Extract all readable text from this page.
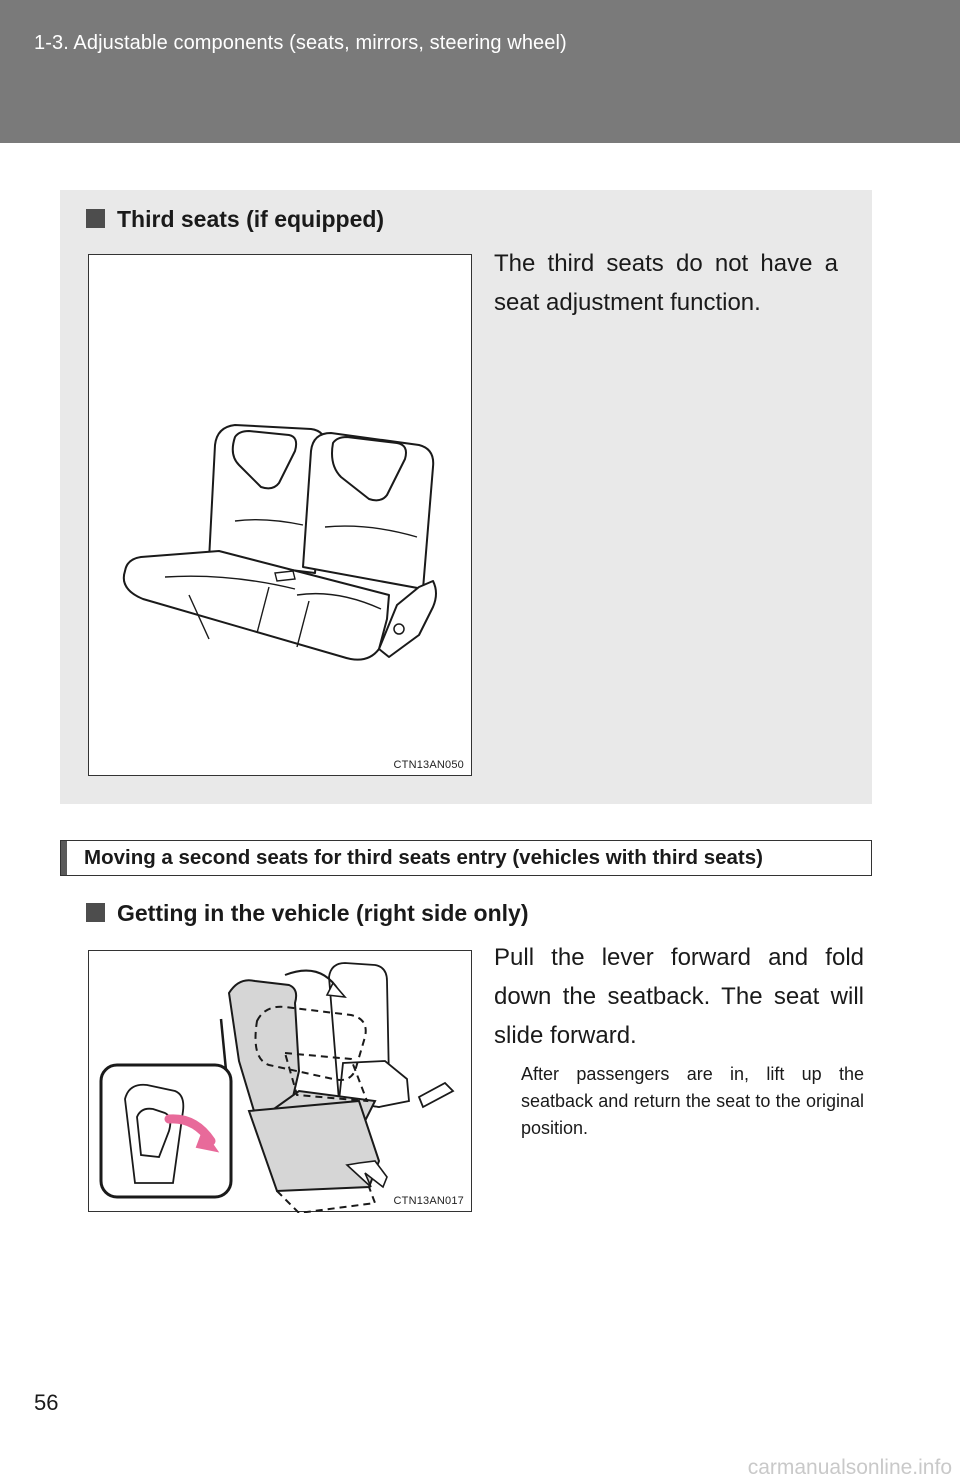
1-3. Adjustable components (seats, mirrors, steering wheel)
Third seats (if equipped)
CTN13AN050
The third seats do not have a seat adjustment function.
Moving a second seats for third seats entry (vehicles with third seats)
Getting in the vehicle (right side only)
CTN13AN017
Pull the lever forward and fold down the seatback. The seat will slide forward.
After passengers are in, lift up the seatback and return the seat to the original position.
56
carmanualsonline.info
